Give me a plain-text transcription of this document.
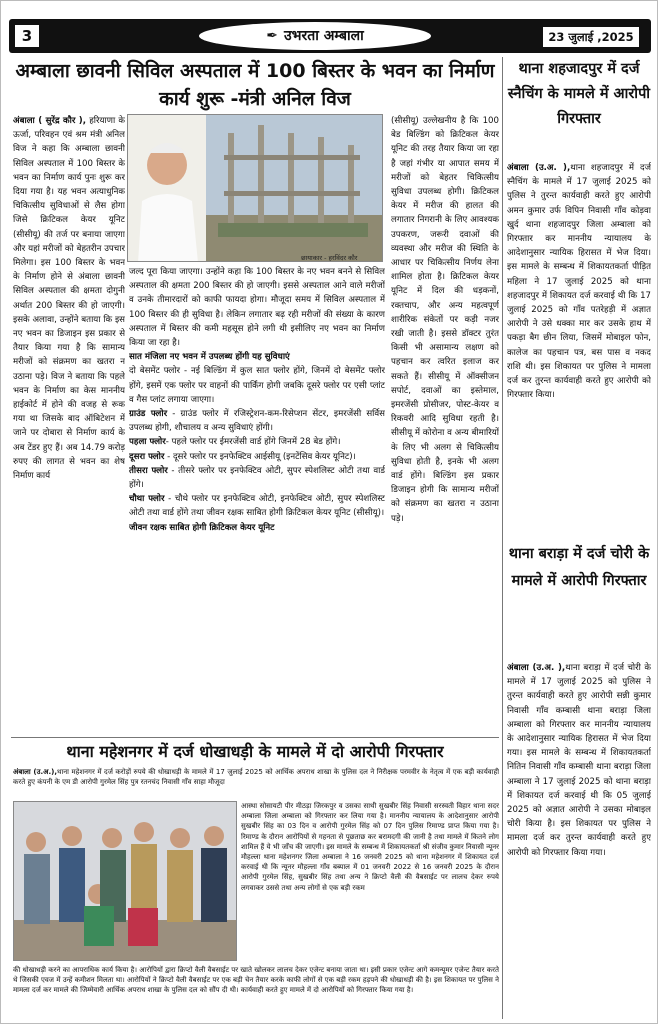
3	✒ उभरता अम्बाला	23 जुलाई ,2025
अम्बाला छावनी सिविल अस्पताल में 100 बिस्तर के भवन का निर्माण कार्य शुरू -मंत्री अनिल विज
थाना शहजादपुर में दर्ज स्नैचिंग के मामले में आरोपी गिरफ्तार
अंबाला ( सुरेंद्र कौर ), हरियाणा के ऊर्जा, परिवहन एवं श्रम मंत्री अनिल विज ने कहा कि अम्बाला छावनी सिविल अस्पताल में 100 बिस्तर के भवन का निर्माण कार्य पुनः शुरू कर दिया गया है। यह भवन अत्याधुनिक चिकित्सीय सुविधाओं से लैस होगा जिसे क्रिटिकल केयर यूनिट (सीसीयू) की तर्ज पर बनाया जाएगा और यहां मरीजों को बेहतरीन उपचार मिलेगा। इस 100 बिस्तर के भवन के निर्माण होने से अंबाला छावनी सिविल अस्पताल की क्षमता दोगुनी अर्थात 200 बिस्तर की हो जाएगी। इसके अलावा, उन्होंने बताया कि इस नए भवन का डिजाइन इस प्रकार से तैयार किया गया है कि सामान्य मरीजों को संक्रमण का खतरा न उठाना पड़े। विज ने बताया कि पहले भवन के निर्माण का केस माननीय हाईकोर्ट में होने की वजह से रूक गया था जिसके बाद ऑबिटेशन में जाने पर दोबारा से निर्माण कार्य के अब टेंडर हुए हैं। अब 14.79 करोड़ रुपए की लागत से भवन का शेष निर्माण कार्य
छायाकार - हरविंदर कौर
जल्द पूरा किया जाएगा। उन्होंने कहा कि 100 बिस्तर के नए भवन बनने से सिविल अस्पताल की क्षमता 200 बिस्तर की हो जाएगी। इससे अस्पताल आने वाले मरीजों व उनके तीमारदारों को काफी फायदा होगा। मौजूदा समय में सिविल अस्पताल में 100 बिस्तर की ही सुविधा है। लेकिन लगातार बढ़ रही मरीजों की संख्या के कारण अस्पताल में बिस्तर की कमी महसूस होने लगी थी इसीलिए नए भवन का निर्माण किया जा रहा है।
सात मंजिला नए भवन में उपलब्ध होंगी यह सुविधाएं
दो बेसमेंट फ्लोर - नई बिल्डिंग में कुल सात फ्लोर होंगे, जिनमें दो बेसमेंट फ्लोर होंगे, इसमें एक फ्लोर पर वाहनों की पार्किंग होगी जबकि दूसरे फ्लोर पर एसी प्लांट व गैस प्लांट लगाया जाएगा।
ग्राउंड फ्लोर - ग्राउंड फ्लोर में रजिस्ट्रेशन-कम-रिसेप्शन सेंटर, इमरजेंसी सर्विस उपलब्ध होगी, शौचालय व अन्य सुविधाएं होंगी।
पहला फ्लोर- पहले फ्लोर पर ईमरजेंसी वार्ड होंगे जिनमें 28 बेड होंगे।
दूसरा फ्लोर - दूसरे फ्लोर पर इनफेक्टिव आईसीयू (इनटेंसिव केयर यूनिट)।
तीसरा फ्लोर - तीसरे फ्लोर पर इनफेक्टिव ओटी, सुपर स्पेशलिस्ट ओटी तथा वार्ड होंगे।
चौथा फ्लोर - चौथे फ्लोर पर इनफेक्टिव ओटी, इनफेक्टिव ओटी, सुपर स्पेशलिस्ट ओटी तथा वार्ड होंगे तथा जीवन रक्षक साबित होगी क्रिटिकल केयर यूनिट (सीसीयू)।
जीवन रक्षक साबित होगी क्रिटिकल केयर यूनिट
(सीसीयू) उल्लेखनीय है कि 100 बेड बिल्डिंग को क्रिटिकल केयर यूनिट की तरह तैयार किया जा रहा है जहां गंभीर या आपात समय में मरीजों को बेहतर चिकित्सीय सुविधा उपलब्ध होगी। क्रिटिकल केयर में मरीज की हालत की लगातार निगरानी के लिए आवश्यक उपकरण, जरूरी दवाओं की व्यवस्था और मरीज की स्थिति के आधार पर चिकित्सीय निर्णय लेना शामिल होता है। क्रिटिकल केयर यूनिट में दिल की धड़कनों, रक्तचाप, और अन्य महत्वपूर्ण शारीरिक संकेतों पर कड़ी नजर रखी जाती है। इससे डॉक्टर तुरंत किसी भी असामान्य लक्षण को पहचान कर त्वरित इलाज कर सकते हैं। सीसीयू में ऑक्सीजन सपोर्ट, दवाओं का इस्तेमाल, इमरजेंसी प्रोसीजर, पोस्ट-केयर व रिकवरी आदि सुविधा रहती है। सीसीयू में कोरोना व अन्य बीमारियों के लिए भी अलग से चिकित्सीय सुविधा होती है, इनके भी अलग वार्ड होंगे। बिल्डिंग इस प्रकार डिजाइन होगी कि सामान्य मरीजों को संक्रमण का खतरा न उठाना पड़े।
अंबाला (उ.अ. ),थाना शहजादपुर में दर्ज स्नैचिंग के मामले में 17 जुलाई 2025 को पुलिस ने तुरन्त कार्यवाही करते हुए आरोपी अमन कुमार उर्फ विपिन निवासी गाँव कोड़वा खुर्द थाना शहजादपुर जिला अम्बाला को गिरफ्तार कर माननीय न्यायालय के आदेशानुसार न्यायिक हिरासत में भेज दिया। इस मामले के सम्बन्ध में शिकायतकर्ता पीड़ित महिला ने 17 जुलाई 2025 को थाना शहजादपुर में शिकायत दर्ज करवाई थी कि 17 जुलाई 2025 को गाँव पतरेहड़ी में अज्ञात आरोपी ने उसे धक्का मार कर उसके हाथ में पकड़ा बैग छीन लिया, जिसमें मोबाइल फोन, कालेज का पहचान पत्र, बस पास व नकद राशि थी। इस शिकायत पर पुलिस ने मामला दर्ज कर तुरन्त कार्यवाही करते हुए आरोपी को गिरफ्तार किया।
थाना बराड़ा में दर्ज चोरी के मामले में आरोपी गिरफ्तार
अंबाला (उ.अ. ),थाना बराड़ा में दर्ज चोरी के मामले में 17 जुलाई 2025 को पुलिस ने तुरन्त कार्यवाही करते हुए आरोपी सन्नी कुमार निवासी गाँव कम्बासी थाना बराड़ा जिला अम्बाला को गिरफ्तार कर माननीय न्यायालय के आदेशानुसार न्यायिक हिरासत में भेज दिया गया। इस मामले के सम्बन्ध में शिकायतकर्ता नितिन निवासी गाँव कम्बासी थाना बराड़ा जिला अम्बाला ने 17 जुलाई 2025 को थाना बराड़ा में शिकायत दर्ज करवाई थी कि 05 जुलाई 2025 को अज्ञात आरोपी ने उसका मोबाइल चोरी किया है। इस शिकायत पर पुलिस ने मामला दर्ज कर तुरन्त कार्यवाही करते हुए आरोपी को गिरफ्तार किया गया।
थाना महेशनगर में दर्ज धोखाधड़ी के मामले में दो आरोपी गिरफ्तार
अंबाला (उ.अ.),थाना महेशनगर में दर्ज करोड़ों रुपये की धोखाधड़ी के मामले में 17 जुलाई 2025 को आर्थिक अपराध शाखा के पुलिस दल ने निरीक्षक परमवीर के नेतृत्व में एक बड़ी कार्यवाही करते हुए कंपनी के एम डी आरोपी गुरमेल सिंह पुत्र रतनचंद निवासी गाँव साहा मौजूदा
आस्था सोसायटी पीर मीठड़ा जिरकपुर व उसका साथी सुखबीर सिंह निवासी सरस्वती विहार थाना सदर अम्बाला जिला अम्बाला को गिरफ्तार कर लिया गया है। माननीय न्यायालय के आदेशानुसार आरोपी सुखबीर सिंह का 03 दिन व आरोपी गुरमेल सिंह को 07 दिन पुलिस रिमाण्ड प्राप्त किया गया है। रिमाण्ड के दौरान आरोपियों से गहनता से पूछताछ कर बरामदगी की जानी है तथा मामले में कितने लोग शामिल हैं ये भी जाँच की जाएगी। इस मामले के सम्बन्ध में शिकायतकर्ता श्री संजीव कुमार निवासी न्यूनर मौहल्ला थाना महेशनगर जिला अम्बाला ने 16 जनवरी 2025 को थाना महेशनगर में शिकायत दर्ज करवाई थी कि न्यूनर मौहल्ला गाँव बब्याल में 01 जनवरी 2022 से 16 जनवरी 2025 के दौरान आरोपी गुरमेल सिंह, सुखबीर सिंह तथा अन्य ने क्रिप्टो वैली की वैबसाईट पर लालच देकर रुपये लगवाकर उससे तथा अन्य लोगों से एक बड़ी रकम
की धोखाधड़ी करने का आपराधिक कार्य किया है। आरोपियों द्वारा क्रिप्टो वैली वैबसाईट पर खाते खोलकर लालच देकर एजेन्ट बनाया जाता था। इसी प्रकार एजेन्ट आगे कमन्यूमर एजेन्ट तैयार करते थे जिसकी एवज में उन्हें कमीशन मिलता था। आरोपियों ने क्रिप्टो वैली वैबसाईट पर एक बड़ी चेन तैयार करके काफी लोगों से एक बड़ी रकम हड़पने की धोखाधड़ी की है। इस शिकायत पर पुलिस ने मामला दर्ज कर मामले की जिम्मेवारी आर्थिक अपराध शाखा के पुलिस दल को सौंप दी थी। कार्यवाही करते हुए मामले में दो आरोपियों को गिरफ्तार किया गया है।
